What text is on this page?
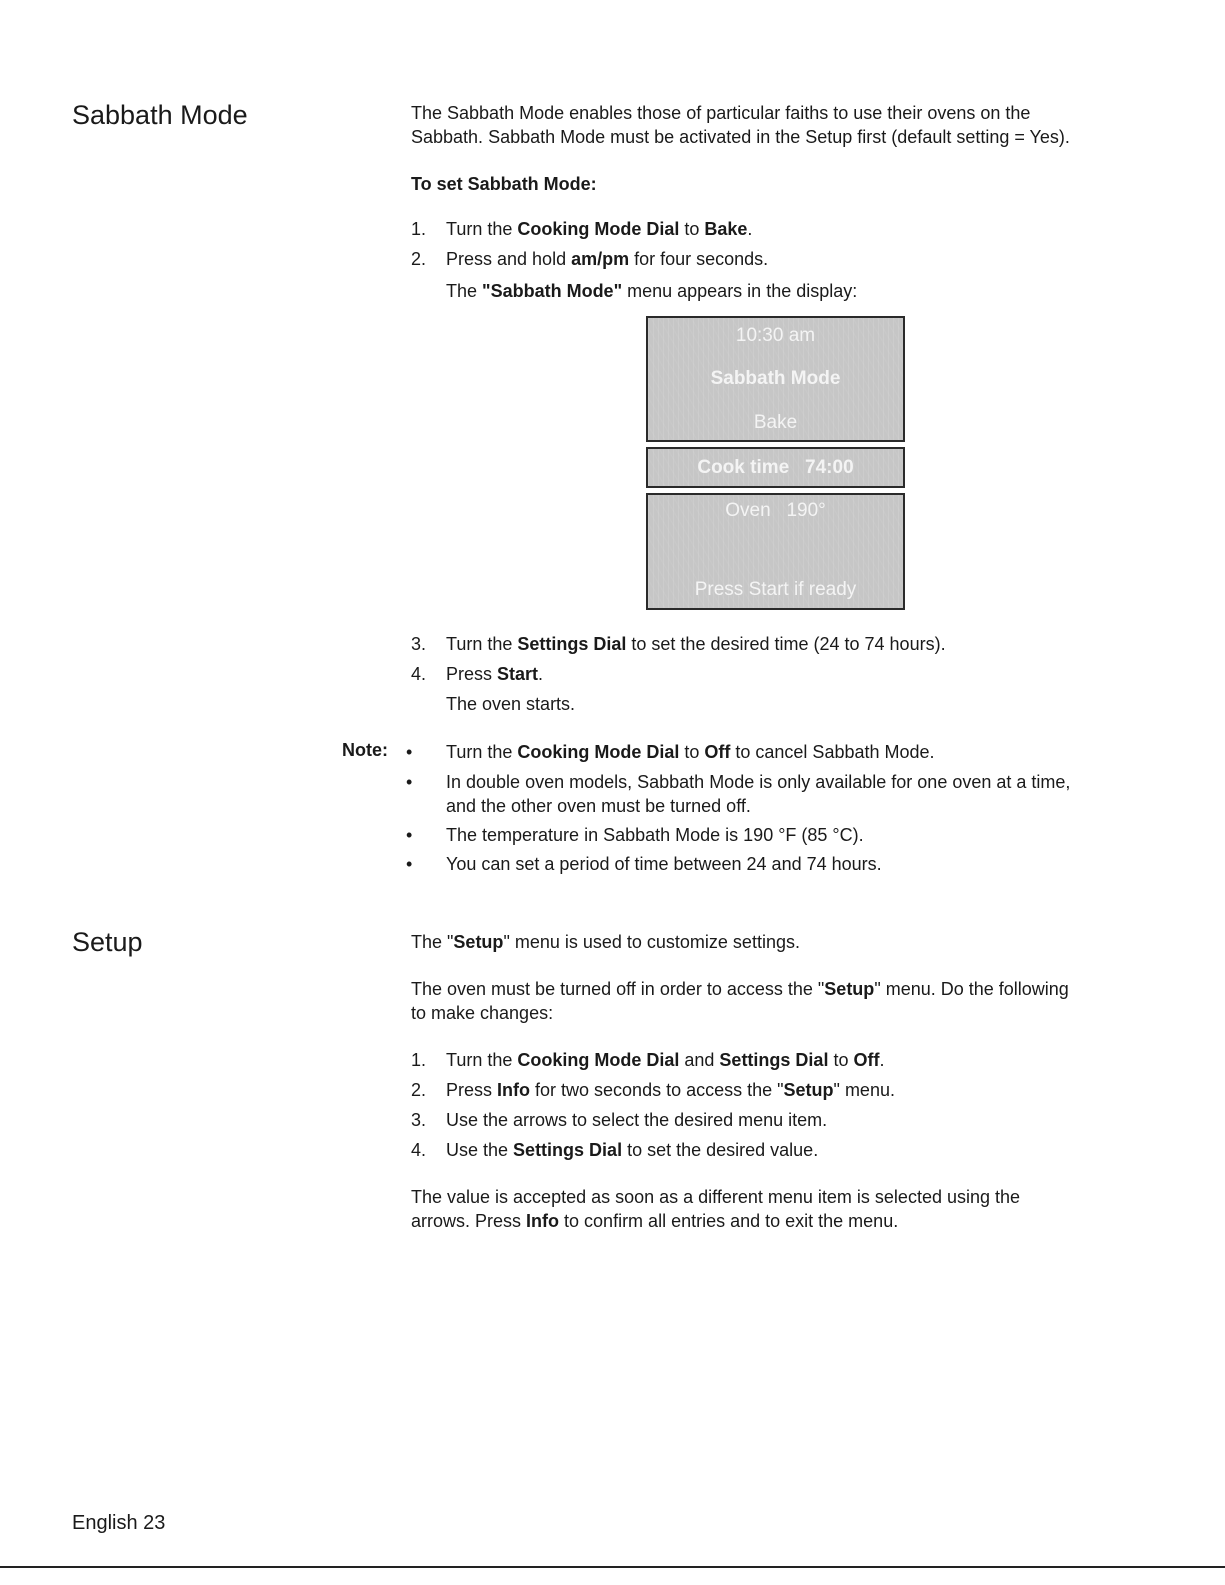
Sabbath Mode	The Sabbath Mode enables those of particular faiths to use their ovens on the
Sabbath. Sabbath Mode must be activated in the Setup first (default setting = Yes).
To set Sabbath Mode:
1.	Turn the Cooking Mode Dial to Bake.
2.	Press and hold am/pm for four seconds.
The "Sabbath Mode" menu appears in the display:
10:30 am
Sabbath Mode
Bake
Cook time   74:00
Oven   190°
Press Start if ready
3.	Turn the Settings Dial to set the desired time (24 to 74 hours).
4.	Press Start.
The oven starts.
Note: •	Turn the Cooking Mode Dial to Off to cancel Sabbath Mode.
•	In double oven models, Sabbath Mode is only available for one oven at a time,
and the other oven must be turned off.
•	The temperature in Sabbath Mode is 190 °F (85 °C).
•	You can set a period of time between 24 and 74 hours.
Setup	The "Setup" menu is used to customize settings.
The oven must be turned off in order to access the "Setup" menu. Do the following
to make changes:
1.	Turn the Cooking Mode Dial and Settings Dial to Off.
2.	Press Info for two seconds to access the "Setup" menu.
3.	Use the arrows to select the desired menu item.
4.	Use the Settings Dial to set the desired value.
The value is accepted as soon as a different menu item is selected using the
arrows. Press Info to confirm all entries and to exit the menu.
English 23
